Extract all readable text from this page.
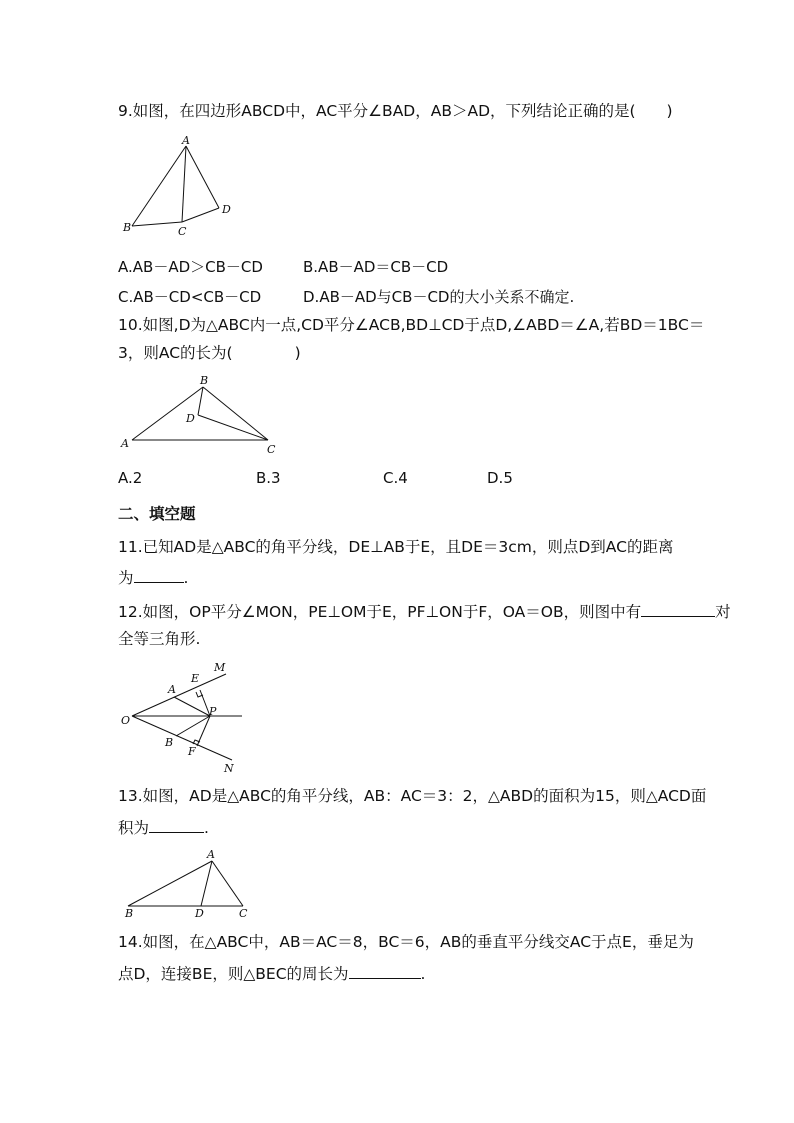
9.如图，在四边形ABCD中，AC平分∠BAD，AB＞AD，下列结论正确的是(　　)
A
B	C
D
A.AB－AD＞CB－CD	B.AB－AD＝CB－CD
C.AB－CD<CB－CD	D.AB－AD与CB－CD的大小关系不确定.
10.如图,D为△ABC内一点,CD平分∠ACB,BD⊥CD于点D,∠ABD＝∠A,若BD＝1BC＝
3，则AC的长为(　　　　)
A
B
C
D
A.2	B.3	C.4	D.5
二、填空题
11.已知AD是△ABC的角平分线，DE⊥AB于E，且DE＝3cm，则点D到AC的距离
为	.
12.如图，OP平分∠MON，PE⊥OM于E，PF⊥ON于F，OA＝OB，则图中有	对
全等三角形.
M
E
A
O
P
B
F
N
13.如图，AD是△ABC的角平分线，AB：AC＝3：2，△ABD的面积为15，则△ACD面
积为	.
A
B	D	C
14.如图，在△ABC中，AB＝AC＝8，BC＝6，AB的垂直平分线交AC于点E，垂足为
点D，连接BE，则△BEC的周长为	.
